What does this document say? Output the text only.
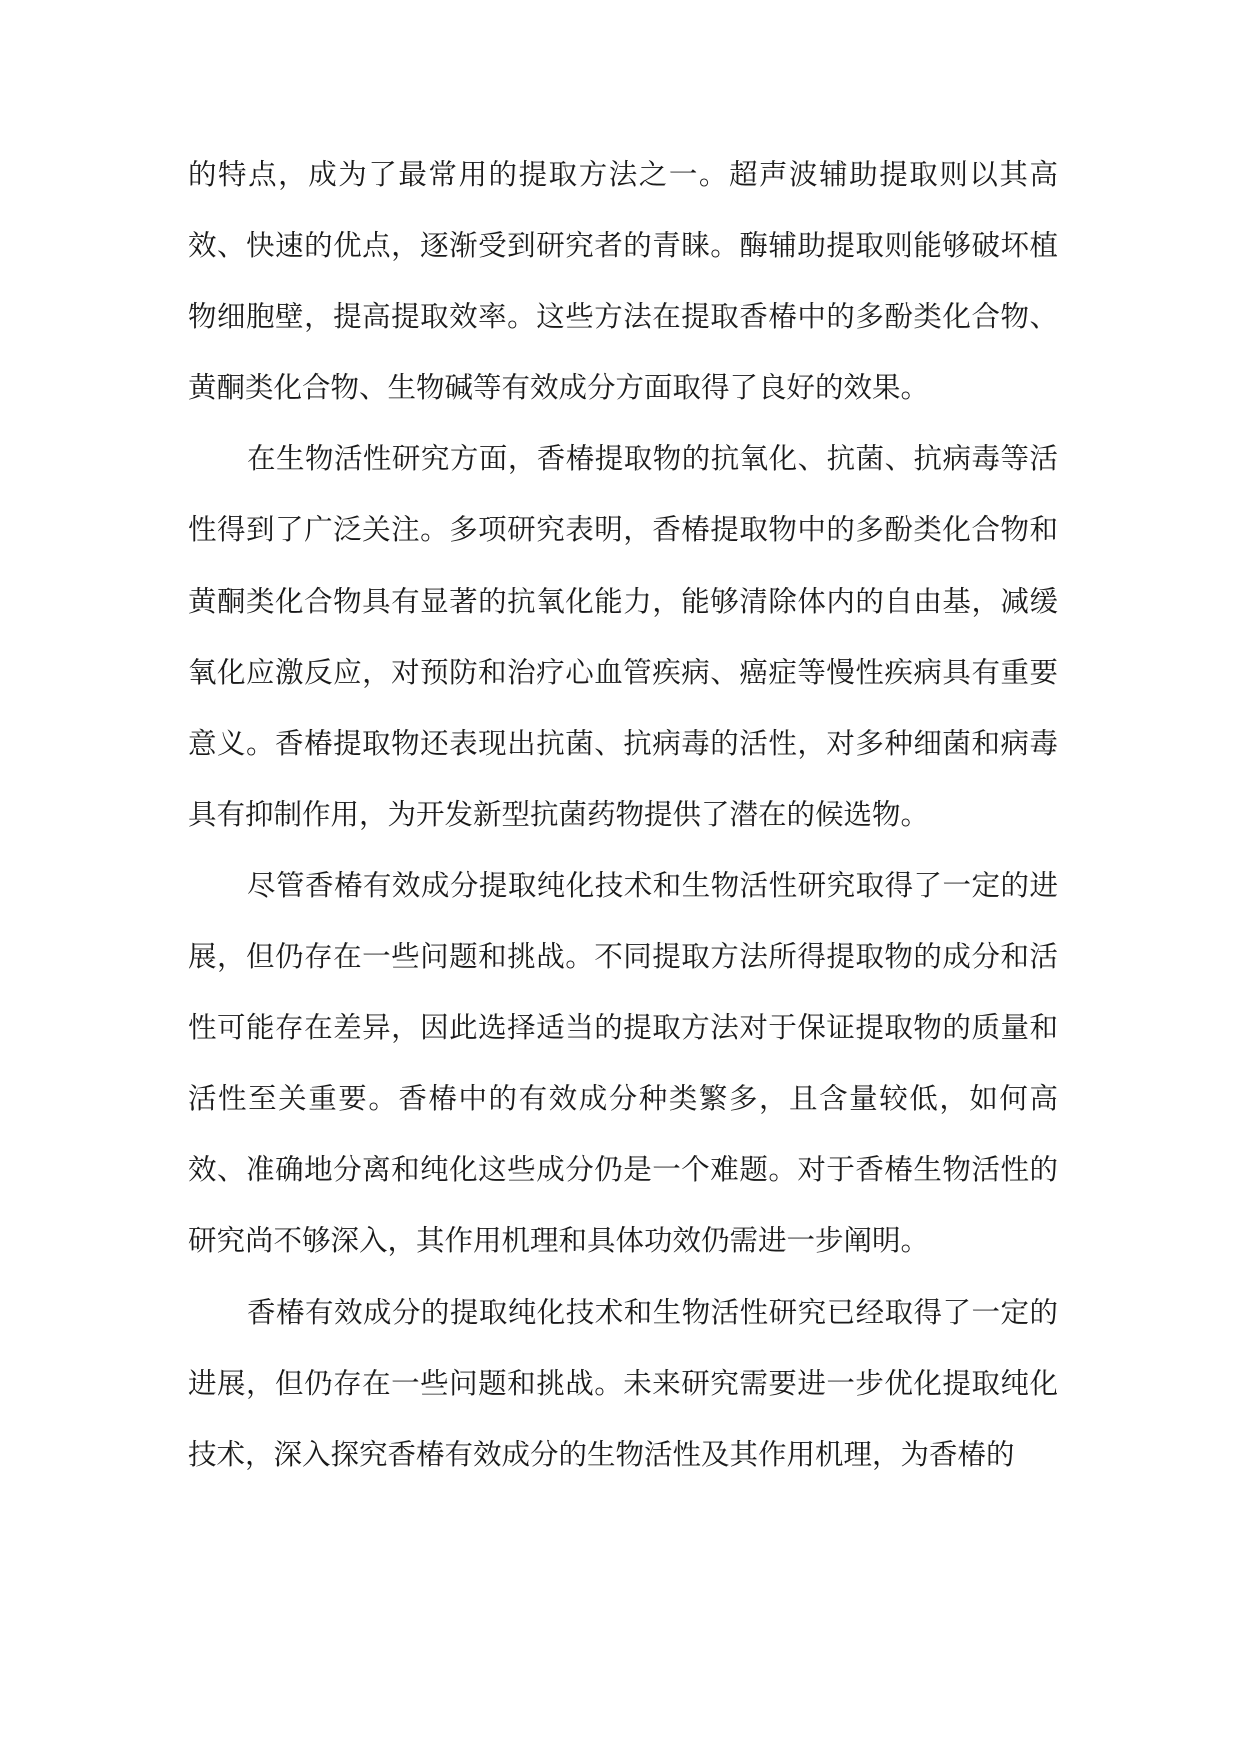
的特点，成为了最常用的提取方法之一。超声波辅助提取则以其高效、快速的优点，逐渐受到研究者的青睐。酶辅助提取则能够破坏植物细胞壁，提高提取效率。这些方法在提取香椿中的多酚类化合物、黄酮类化合物、生物碱等有效成分方面取得了良好的效果。

在生物活性研究方面，香椿提取物的抗氧化、抗菌、抗病毒等活性得到了广泛关注。多项研究表明，香椿提取物中的多酚类化合物和黄酮类化合物具有显著的抗氧化能力，能够清除体内的自由基，减缓氧化应激反应，对预防和治疗心血管疾病、癌症等慢性疾病具有重要意义。香椿提取物还表现出抗菌、抗病毒的活性，对多种细菌和病毒具有抑制作用，为开发新型抗菌药物提供了潜在的候选物。

尽管香椿有效成分提取纯化技术和生物活性研究取得了一定的进展，但仍存在一些问题和挑战。不同提取方法所得提取物的成分和活性可能存在差异，因此选择适当的提取方法对于保证提取物的质量和活性至关重要。香椿中的有效成分种类繁多，且含量较低，如何高效、准确地分离和纯化这些成分仍是一个难题。对于香椿生物活性的研究尚不够深入，其作用机理和具体功效仍需进一步阐明。

香椿有效成分的提取纯化技术和生物活性研究已经取得了一定的进展，但仍存在一些问题和挑战。未来研究需要进一步优化提取纯化技术，深入探究香椿有效成分的生物活性及其作用机理，为香椿的
